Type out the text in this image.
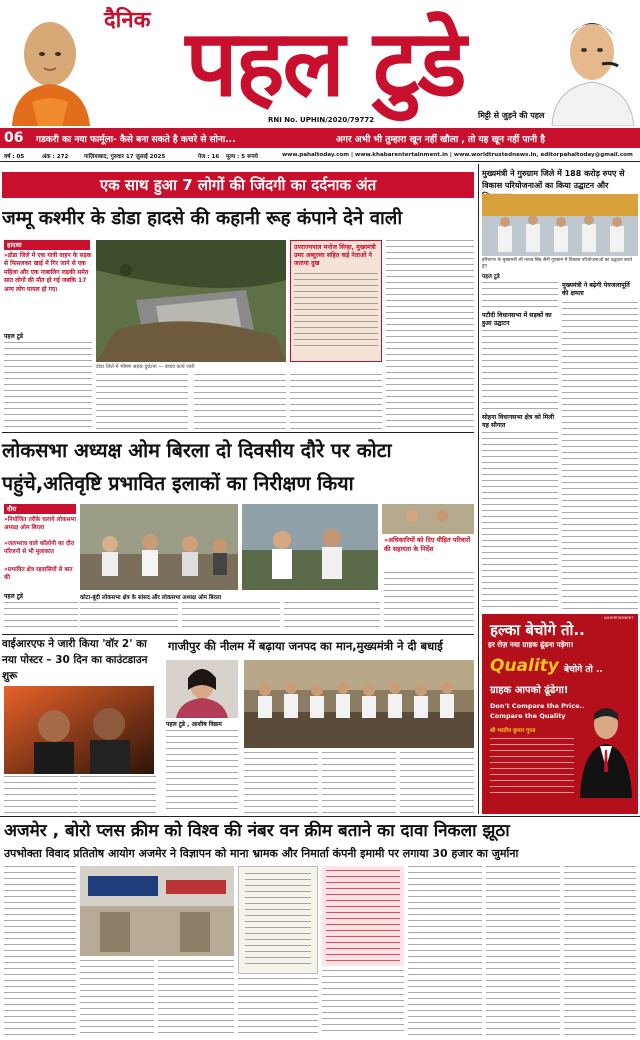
दैनिक पहल टुडे
RNI No. UPHIN/2020/79772	मिट्टी से जुड़ने की पहल
06 गडकरी का नया फार्मूला- कैसे बना सकते है कचरे से सोना...	अगर अभी भी तुम्हारा खून नहीं खौला , तो यह खून नहीं पानी है
वर्ष : 05	अंक : 272	गाज़ियाबाद, गुरुवार 17 जुलाई 2025	पेज : 16 मूल्य : 5 रूपये	www.pahaltoday.com | www.khabarentertainment.in | www.worldtrustednews.in, editorpahaltoday@gmail.com
एक साथ हुआ 7 लोगों की जिंदगी का दर्दनाक अंत
जम्मू कश्मीर के डोडा हादसे की कहानी रूह कंपाने देने वाली
हादसा
»डोडा जिले में एक यात्री वाहन के सड़क से फिसलकर खाई में गिर जाने से एक महिला और एक नाबालिग लड़की समेत सात लोगों की मौत हो गई जबकि 17 अन्य लोग घायल हो गए।
पहल टुडे
उपराज्यपाल मनोज सिन्हा, मुख्यमंत्री उमर अब्दुल्ला सहित कई नेताओं ने जताया दुख
डोडा जिले में भीषण सड़क दुर्घटना — बचाव कार्य जारी
लोकसभा अध्यक्ष ओम बिरला दो दिवसीय दौरे पर कोटा पहुंचे,अतिवृष्टि प्रभावित इलाकों का निरीक्षण किया
दौरा
»नियोजित तरीके चलाये लोकसभा अध्यक्ष ओम बिरला
»जलभराव वाले कॉलोनी का दौरा परिजनों से भी मुलाकात
»प्रभावित क्षेत्र रहवासियों से बात की
पहल टुडे
»अधिकारियों को दिए पीड़ित परिवारों की सहायता के निर्देश
कोटा-बूंदी लोकसभा क्षेत्र के सांसद और लोकसभा अध्यक्ष ओम बिरला
वाईआरएफ ने जारी किया 'वॉर 2' का नया पोस्टर – 30 दिन का काउंटडाउन शुरू
गाजीपुर की नीलम में बढ़ाया जनपद का मान,मुख्यमंत्री ने दी बधाई
पहल टुडे , आशीष विक्रम
मुख्यमंत्री ने गुरुग्राम जिले में 188 करोड़ रुपए से विकास परियोजनाओं का किया उद्घाटन और
हरियाणा के मुख्यमंत्री श्री नायब सिंह सैनी गुरुग्राम में विकास परियोजनाओं का उद्घाटन करते हुए
पहल टुडे
पटौदी विधानसभा में सड़कों का हुआ उद्घाटन
सोहना विधानसभा क्षेत्र को मिली यह सौगात
मुख्यमंत्री ने बढ़ेगी पेयजलापूर्ति की क्षमता
हल्का बेचोगे तो..
हर रोज़ नया ग्राहक ढूंढना पड़ेगा!
Quality बेचोगे तो ..
ग्राहक आपको ढूंढेगा!
Don't Compare the Price..
Compare the Quality
श्री भरतीय कुमार गुप्ता
ADVERTISEMENT
अजमेर , बोरो प्लस क्रीम को विश्व की नंबर वन क्रीम बताने का दावा निकला झूठा
उपभोक्ता विवाद प्रतितोष आयोग अजमेर ने विज्ञापन को माना भ्रामक और निमार्ता कंपनी इमामी पर लगाया 30 हजार का जुर्माना
